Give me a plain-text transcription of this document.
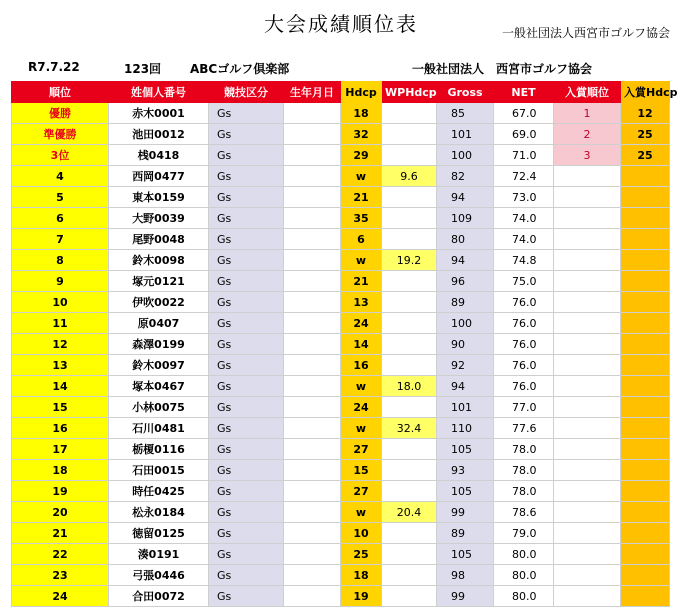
大会成績順位表	一般社団法人西宮市ゴルフ協会
R7.7.22	123回 ABCゴルフ倶楽部	一般社団法人　西宮市ゴルフ協会
順位	姓個人番号	競技区分	生年月日	Hdcp	WPHdcp	Gross	NET	入賞順位	入賞Hdcp
優勝	赤木0001	Gs		18		85	67.0	1	12
準優勝	池田0012	Gs		32		101	69.0	2	25
3位	桟0418	Gs		29		100	71.0	3	25
4	西岡0477	Gs		w	9.6	82	72.4		
5	東本0159	Gs		21		94	73.0		
6	大野0039	Gs		35		109	74.0		
7	尾野0048	Gs		6		80	74.0		
8	鈴木0098	Gs		w	19.2	94	74.8		
9	塚元0121	Gs		21		96	75.0		
10	伊吹0022	Gs		13		89	76.0		
11	原0407	Gs		24		100	76.0		
12	森澤0199	Gs		14		90	76.0		
13	鈴木0097	Gs		16		92	76.0		
14	塚本0467	Gs		w	18.0	94	76.0		
15	小林0075	Gs		24		101	77.0		
16	石川0481	Gs		w	32.4	110	77.6		
17	栃榎0116	Gs		27		105	78.0		
18	石田0015	Gs		15		93	78.0		
19	時任0425	Gs		27		105	78.0		
20	松永0184	Gs		w	20.4	99	78.6		
21	徳留0125	Gs		10		89	79.0		
22	湊0191	Gs		25		105	80.0		
23	弓張0446	Gs		18		98	80.0		
24	合田0072	Gs		19		99	80.0		
